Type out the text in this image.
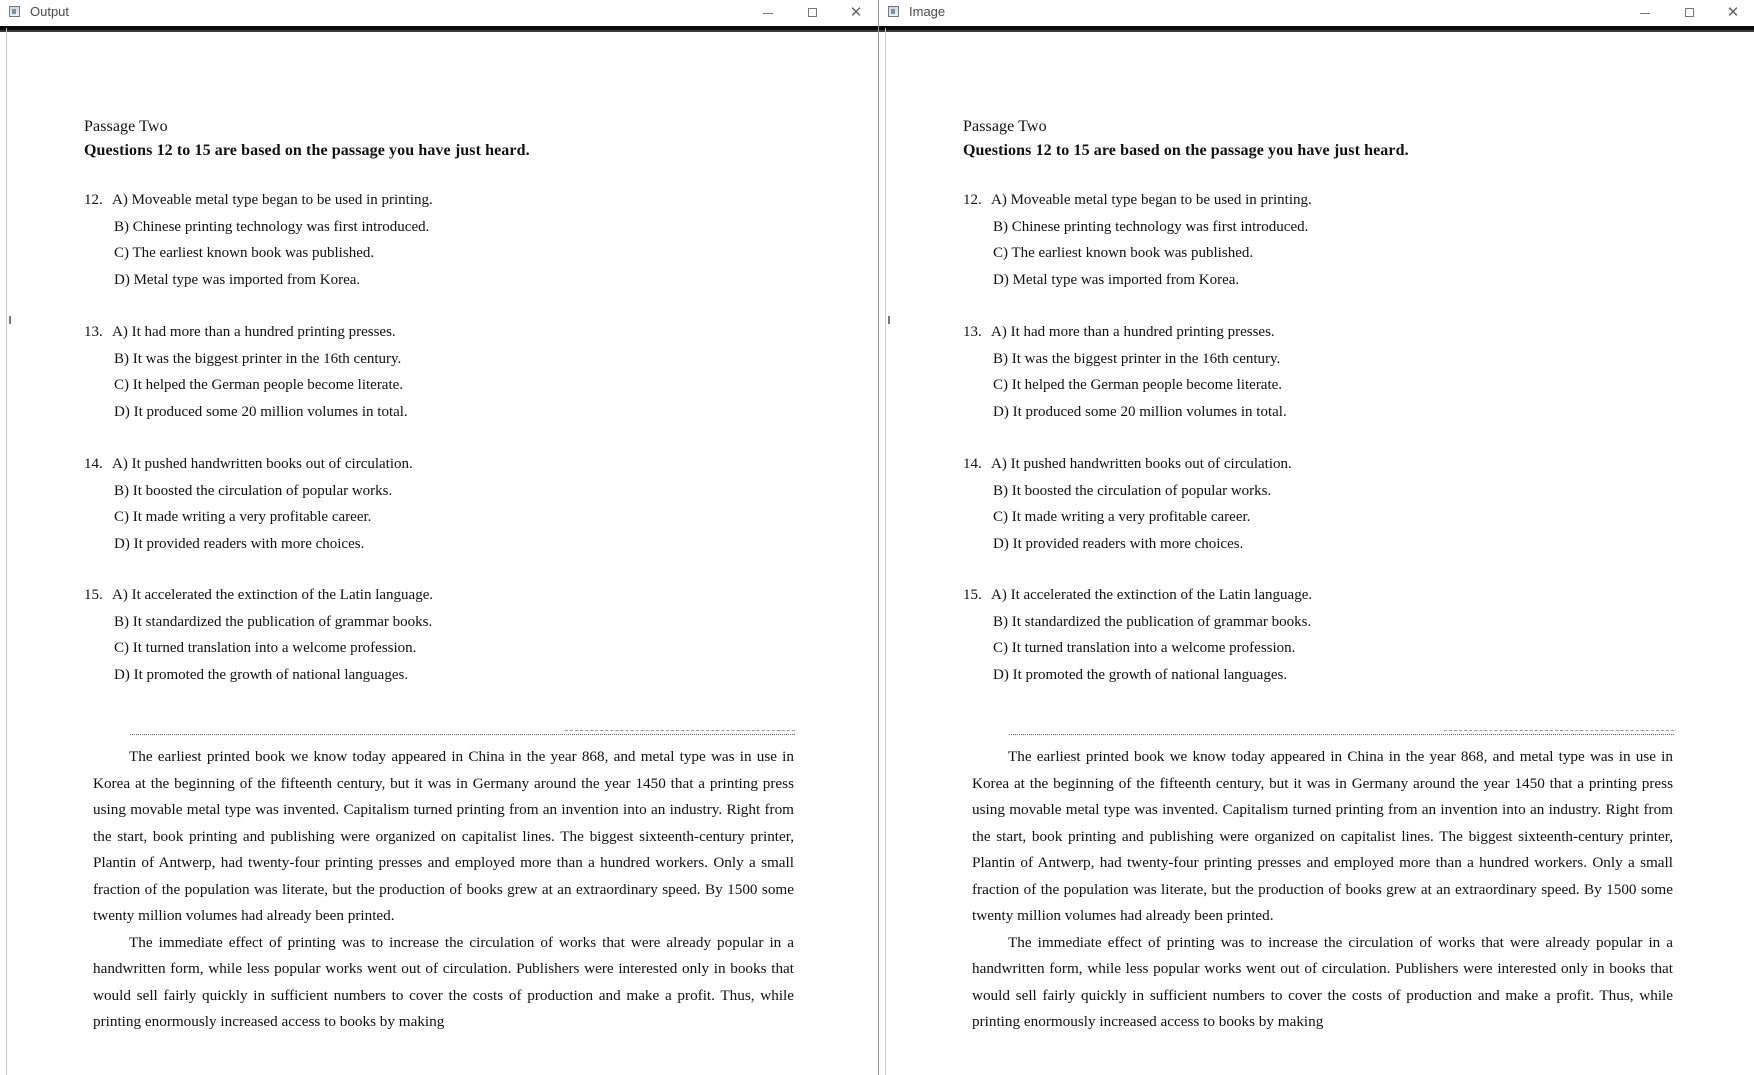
Output	✕
Passage Two
Questions 12 to 15 are based on the passage you have just heard.
12. A) Moveable metal type began to be used in printing.
B) Chinese printing technology was first introduced.
C) The earliest known book was published.
D) Metal type was imported from Korea.
13. A) It had more than a hundred printing presses.
B) It was the biggest printer in the 16th century.
C) It helped the German people become literate.
D) It produced some 20 million volumes in total.
14. A) It pushed handwritten books out of circulation.
B) It boosted the circulation of popular works.
C) It made writing a very profitable career.
D) It provided readers with more choices.
15. A) It accelerated the extinction of the Latin language.
B) It standardized the publication of grammar books.
C) It turned translation into a welcome profession.
D) It promoted the growth of national languages.

The earliest printed book we know today appeared in China in the year 868, and metal type was in use in Korea at the beginning of the fifteenth century, but it was in Germany around the year 1450 that a printing press using movable metal type was invented. Capitalism turned printing from an invention into an industry. Right from the start, book printing and publishing were organized on capitalist lines. The biggest sixteenth-century printer, Plantin of Antwerp, had twenty-four printing presses and employed more than a hundred workers. Only a small fraction of the population was literate, but the production of books grew at an extraordinary speed. By 1500 some twenty million volumes had already been printed.

The immediate effect of printing was to increase the circulation of works that were already popular in a handwritten form, while less popular works went out of circulation. Publishers were interested only in books that would sell fairly quickly in sufficient numbers to cover the costs of production and make a profit. Thus, while printing enormously increased access to books by making

Image	✕
Passage Two
Questions 12 to 15 are based on the passage you have just heard.
12. A) Moveable metal type began to be used in printing.
B) Chinese printing technology was first introduced.
C) The earliest known book was published.
D) Metal type was imported from Korea.
13. A) It had more than a hundred printing presses.
B) It was the biggest printer in the 16th century.
C) It helped the German people become literate.
D) It produced some 20 million volumes in total.
14. A) It pushed handwritten books out of circulation.
B) It boosted the circulation of popular works.
C) It made writing a very profitable career.
D) It provided readers with more choices.
15. A) It accelerated the extinction of the Latin language.
B) It standardized the publication of grammar books.
C) It turned translation into a welcome profession.
D) It promoted the growth of national languages.

The earliest printed book we know today appeared in China in the year 868, and metal type was in use in Korea at the beginning of the fifteenth century, but it was in Germany around the year 1450 that a printing press using movable metal type was invented. Capitalism turned printing from an invention into an industry. Right from the start, book printing and publishing were organized on capitalist lines. The biggest sixteenth-century printer, Plantin of Antwerp, had twenty-four printing presses and employed more than a hundred workers. Only a small fraction of the population was literate, but the production of books grew at an extraordinary speed. By 1500 some twenty million volumes had already been printed.

The immediate effect of printing was to increase the circulation of works that were already popular in a handwritten form, while less popular works went out of circulation. Publishers were interested only in books that would sell fairly quickly in sufficient numbers to cover the costs of production and make a profit. Thus, while printing enormously increased access to books by making
